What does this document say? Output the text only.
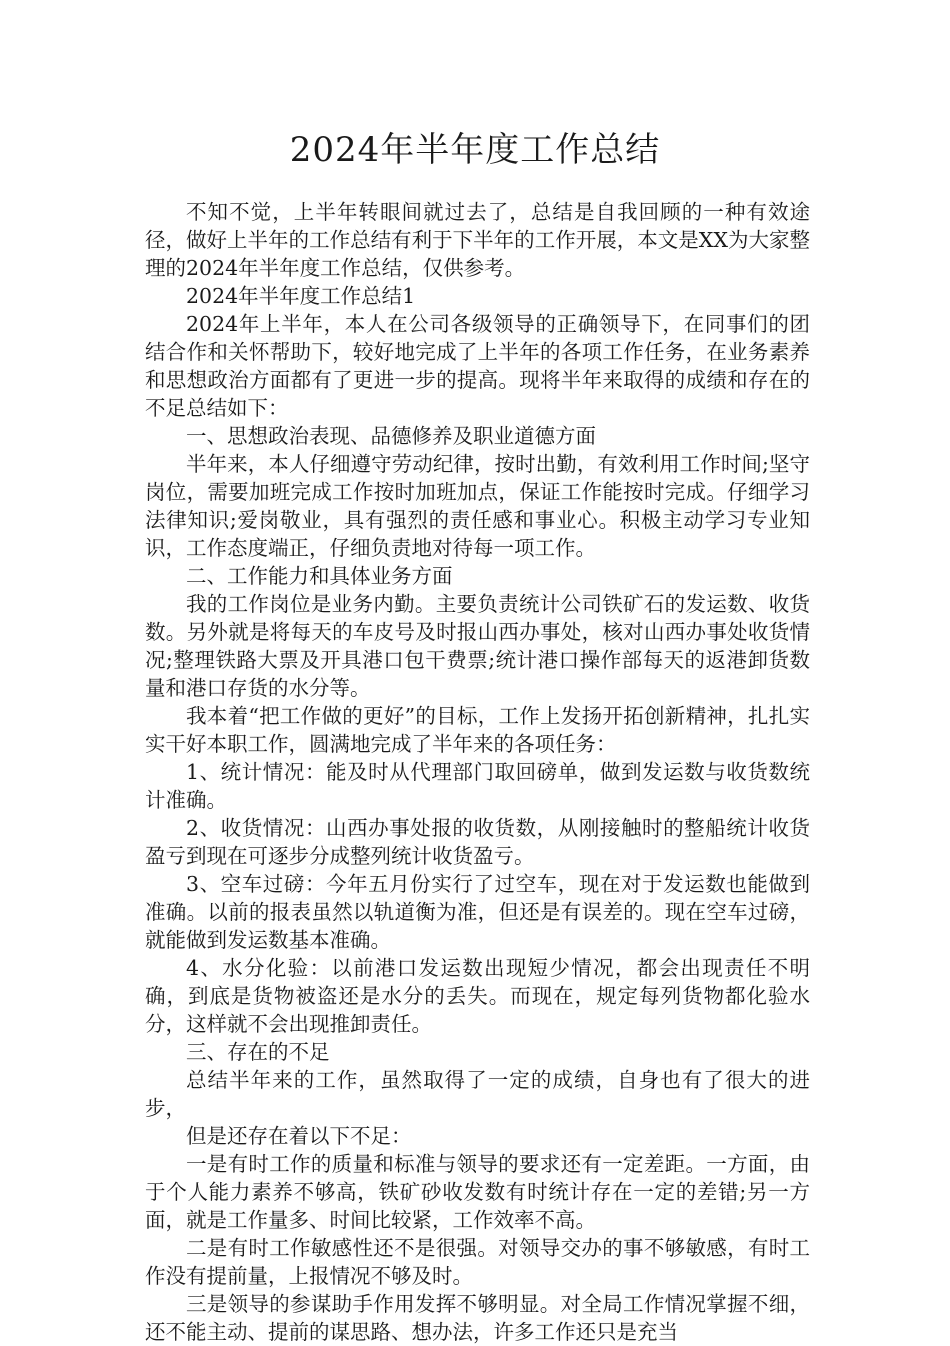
2024年半年度工作总结

不知不觉，上半年转眼间就过去了，总结是自我回顾的一种有效途径，做好上半年的工作总结有利于下半年的工作开展，本文是XX为大家整理的2024年半年度工作总结，仅供参考。

2024年半年度工作总结1

2024年上半年，本人在公司各级领导的正确领导下，在同事们的团结合作和关怀帮助下，较好地完成了上半年的各项工作任务，在业务素养和思想政治方面都有了更进一步的提高。现将半年来取得的成绩和存在的不足总结如下：

一、思想政治表现、品德修养及职业道德方面

半年来，本人仔细遵守劳动纪律，按时出勤，有效利用工作时间;坚守岗位，需要加班完成工作按时加班加点，保证工作能按时完成。仔细学习法律知识;爱岗敬业，具有强烈的责任感和事业心。积极主动学习专业知识，工作态度端正，仔细负责地对待每一项工作。

二、工作能力和具体业务方面

我的工作岗位是业务内勤。主要负责统计公司铁矿石的发运数、收货数。另外就是将每天的车皮号及时报山西办事处，核对山西办事处收货情况;整理铁路大票及开具港口包干费票;统计港口操作部每天的返港卸货数量和港口存货的水分等。

我本着“把工作做的更好”的目标，工作上发扬开拓创新精神，扎扎实实干好本职工作，圆满地完成了半年来的各项任务：

1、统计情况：能及时从代理部门取回磅单，做到发运数与收货数统计准确。

2、收货情况：山西办事处报的收货数，从刚接触时的整船统计收货盈亏到现在可逐步分成整列统计收货盈亏。

3、空车过磅：今年五月份实行了过空车，现在对于发运数也能做到准确。以前的报表虽然以轨道衡为准，但还是有误差的。现在空车过磅，就能做到发运数基本准确。

4、水分化验：以前港口发运数出现短少情况，都会出现责任不明确，到底是货物被盗还是水分的丢失。而现在，规定每列货物都化验水分，这样就不会出现推卸责任。

三、存在的不足

总结半年来的工作，虽然取得了一定的成绩，自身也有了很大的进步，

但是还存在着以下不足：

一是有时工作的质量和标准与领导的要求还有一定差距。一方面，由于个人能力素养不够高，铁矿砂收发数有时统计存在一定的差错;另一方面，就是工作量多、时间比较紧，工作效率不高。

二是有时工作敏感性还不是很强。对领导交办的事不够敏感，有时工作没有提前量，上报情况不够及时。

三是领导的参谋助手作用发挥不够明显。对全局工作情况掌握不细，还不能主动、提前的谋思路、想办法，许多工作还只是充当
